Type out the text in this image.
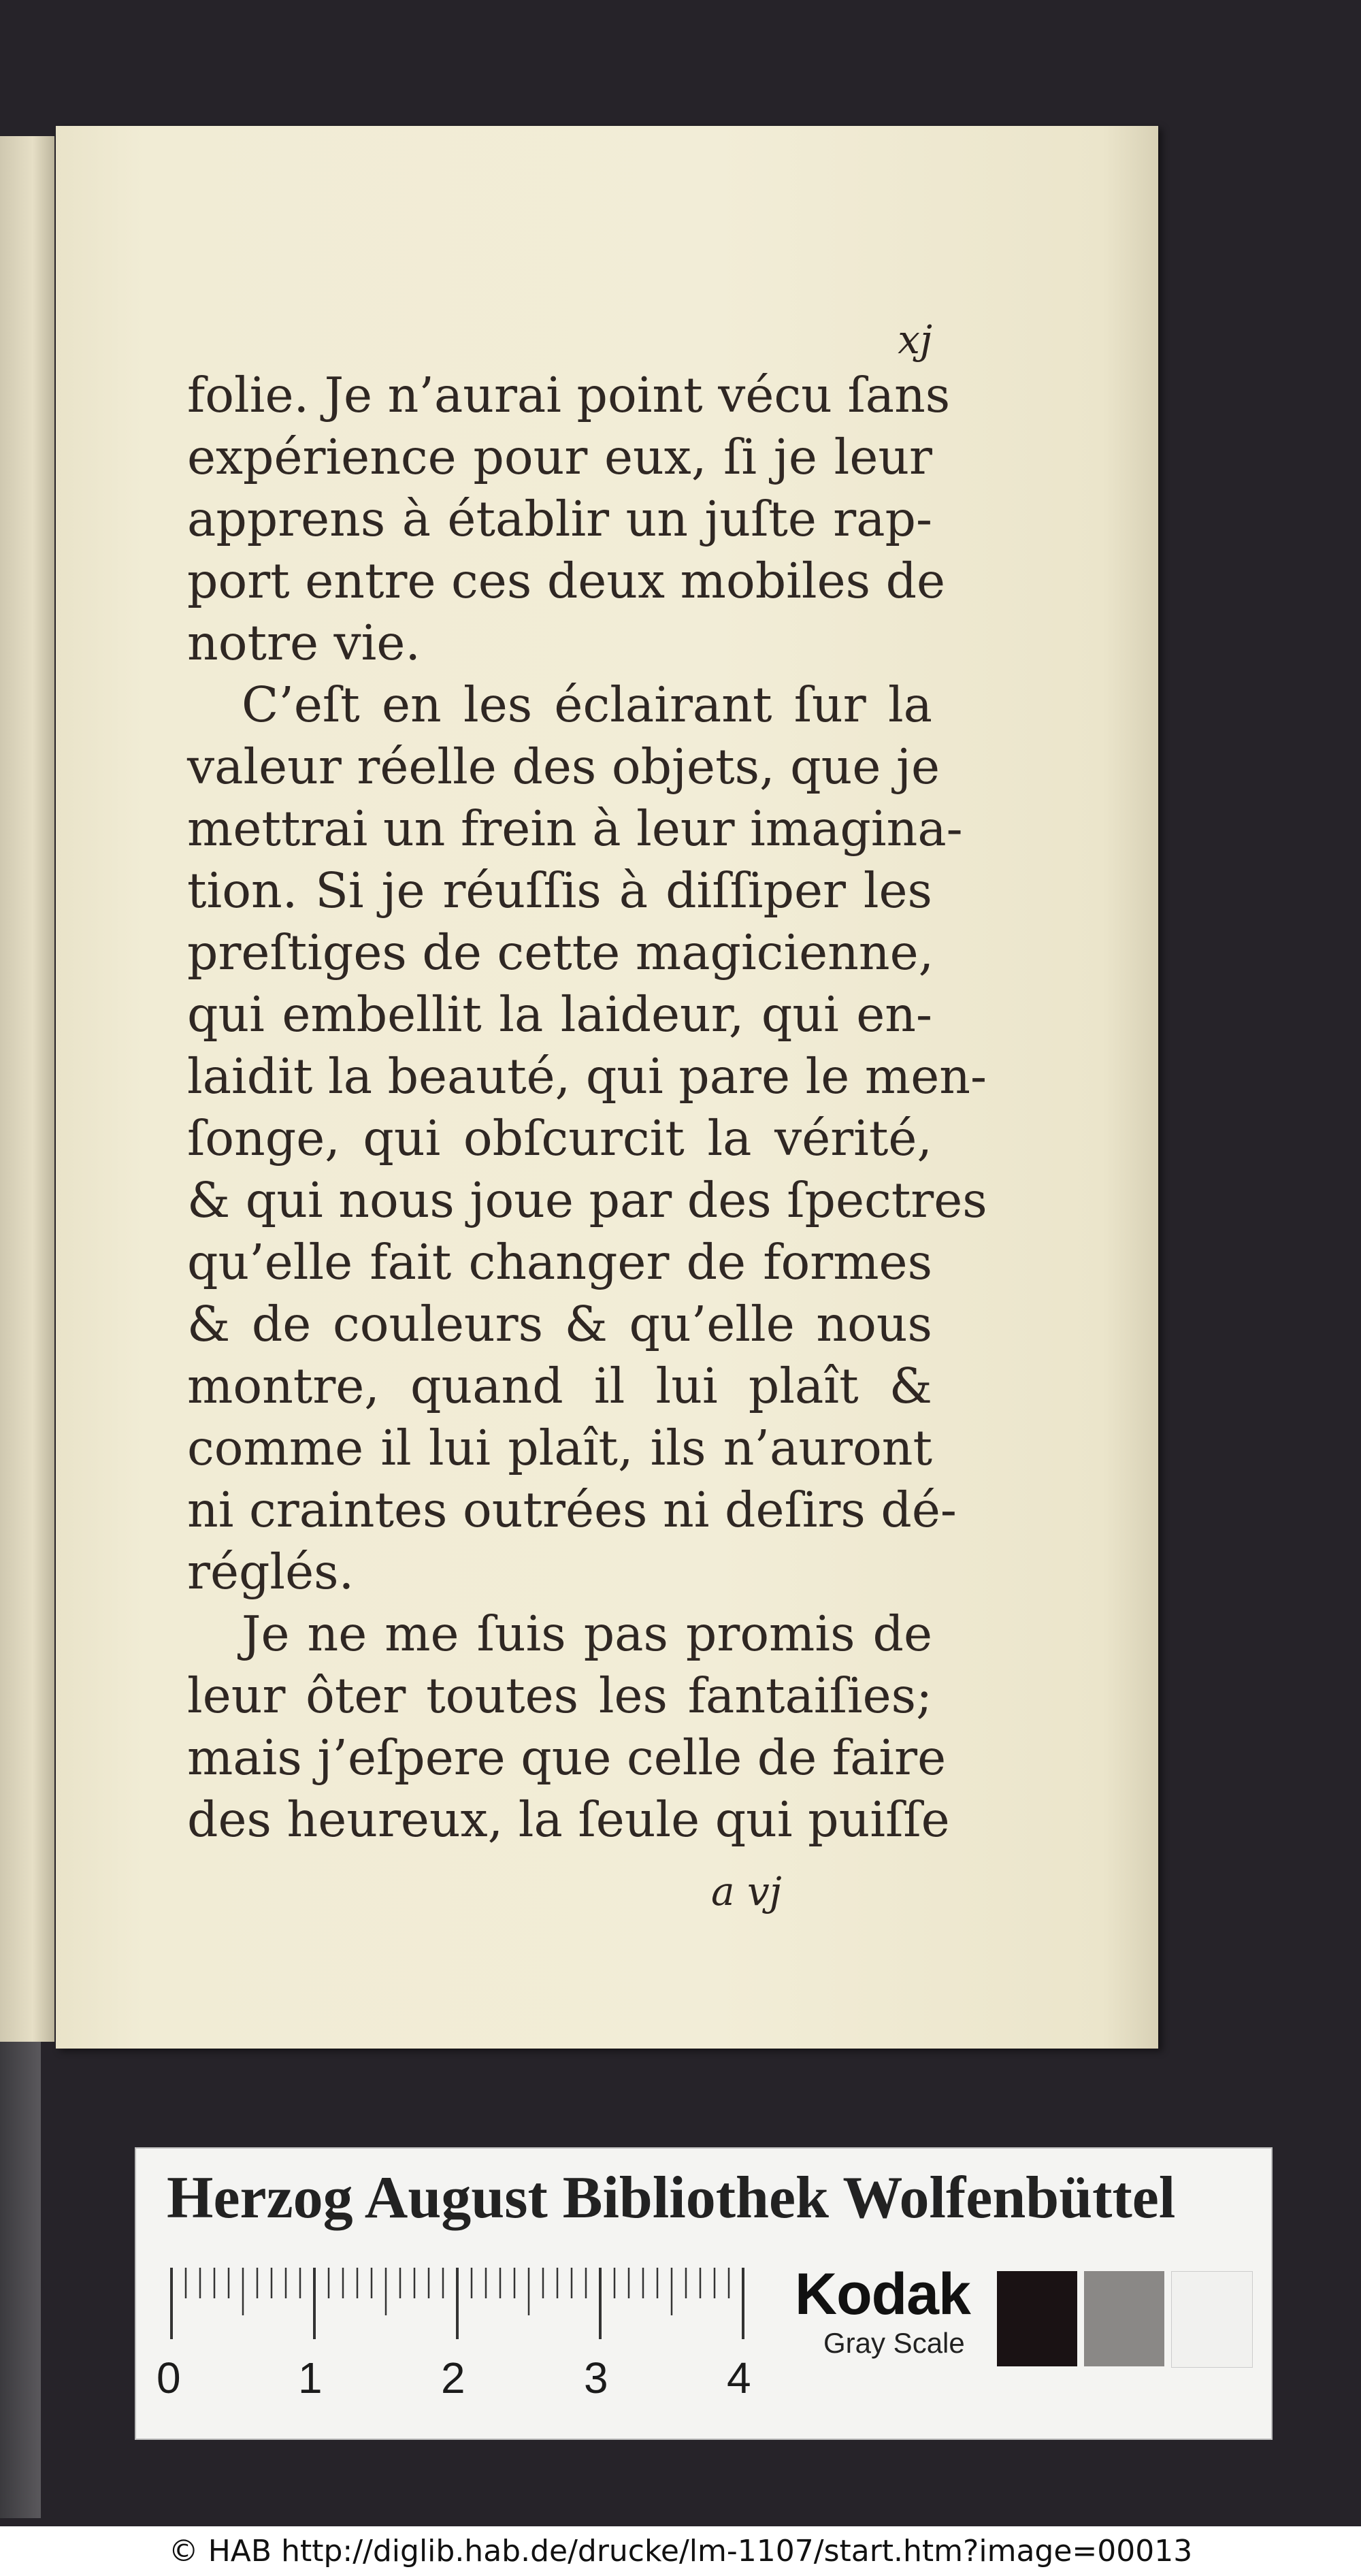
xj
folie. Je n’aurai point vécu ſans
expérience pour eux, ſi je leur
apprens à établir un juſte rap-
port entre ces deux mobiles de
notre vie.
C’eſt en les éclairant ſur la
valeur réelle des objets, que je
mettrai un frein à leur imagina-
tion. Si je réuſſis à diſſiper les
preſtiges de cette magicienne,
qui embellit la laideur, qui en-
laidit la beauté, qui pare le men-
ſonge, qui obſcurcit la vérité,
& qui nous joue par des ſpectres
qu’elle fait changer de formes
& de couleurs & qu’elle nous
montre, quand il lui plaît &
comme il lui plaît, ils n’auront
ni craintes outrées ni deſirs dé-
réglés.
Je ne me ſuis pas promis de
leur ôter toutes les fantaiſies;
mais j’eſpere que celle de faire
des heureux, la ſeule qui puiſſe
a vj
Herzog August Bibliothek Wolfenbüttel
0	1	2	3	4
Kodak
Gray Scale
© HAB http://diglib.hab.de/drucke/lm-1107/start.htm?image=00013
